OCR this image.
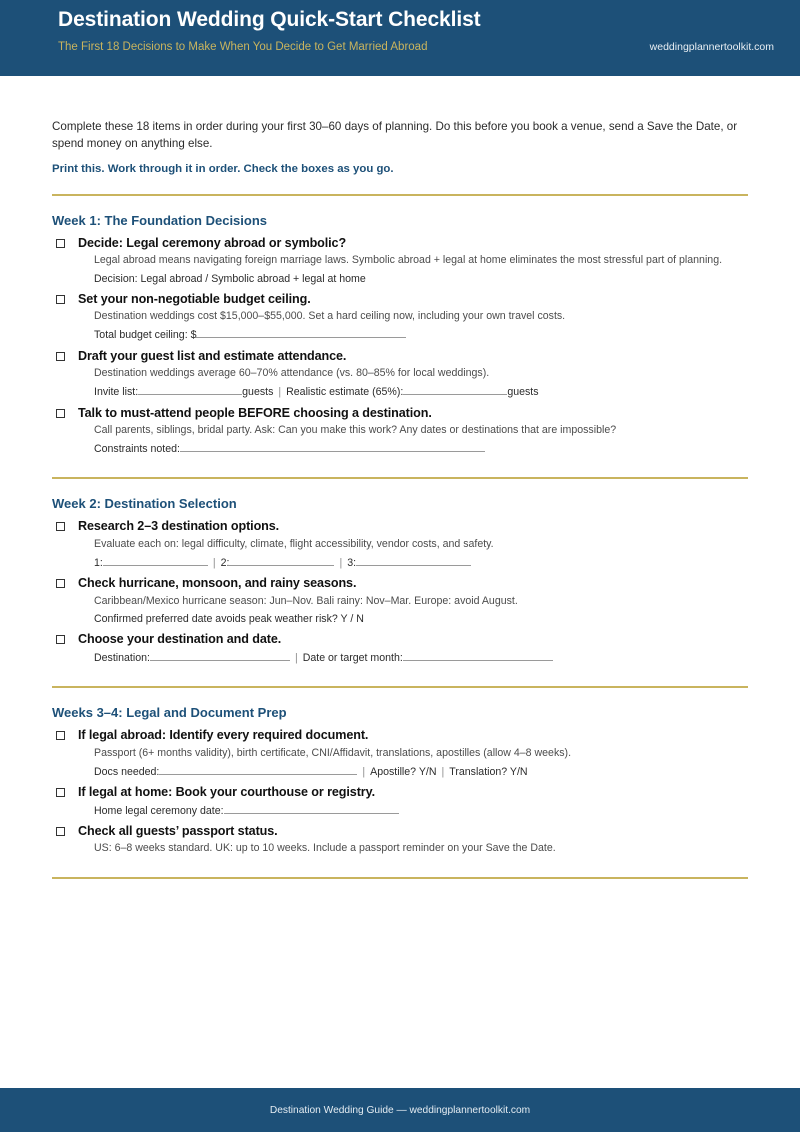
Destination Wedding Quick-Start Checklist
The First 18 Decisions to Make When You Decide to Get Married Abroad	weddingplannertoolkit.com
Complete these 18 items in order during your first 30–60 days of planning. Do this before you book a venue, send a Save the Date, or spend money on anything else.
Print this. Work through it in order. Check the boxes as you go.
Week 1: The Foundation Decisions
Decide: Legal ceremony abroad or symbolic?
Legal abroad means navigating foreign marriage laws. Symbolic abroad + legal at home eliminates the most stressful part of planning.
Decision: Legal abroad / Symbolic abroad + legal at home
Set your non-negotiable budget ceiling.
Destination weddings cost $15,000–$55,000. Set a hard ceiling now, including your own travel costs.
Total budget ceiling: $
Draft your guest list and estimate attendance.
Destination weddings average 60–70% attendance (vs. 80–85% for local weddings).
Invite list:	guests | Realistic estimate (65%):	guests
Talk to must-attend people BEFORE choosing a destination.
Call parents, siblings, bridal party. Ask: Can you make this work? Any dates or destinations that are impossible?
Constraints noted:
Week 2: Destination Selection
Research 2–3 destination options.
Evaluate each on: legal difficulty, climate, flight accessibility, vendor costs, and safety.
1:	| 2:	| 3:
Check hurricane, monsoon, and rainy seasons.
Caribbean/Mexico hurricane season: Jun–Nov. Bali rainy: Nov–Mar. Europe: avoid August.
Confirmed preferred date avoids peak weather risk? Y / N
Choose your destination and date.
Destination:	| Date or target month:
Weeks 3–4: Legal and Document Prep
If legal abroad: Identify every required document.
Passport (6+ months validity), birth certificate, CNI/Affidavit, translations, apostilles (allow 4–8 weeks).
Docs needed:	| Apostille? Y/N | Translation? Y/N
If legal at home: Book your courthouse or registry.
Home legal ceremony date:
Check all guests’ passport status.
US: 6–8 weeks standard. UK: up to 10 weeks. Include a passport reminder on your Save the Date.
Destination Wedding Guide — weddingplannertoolkit.com
